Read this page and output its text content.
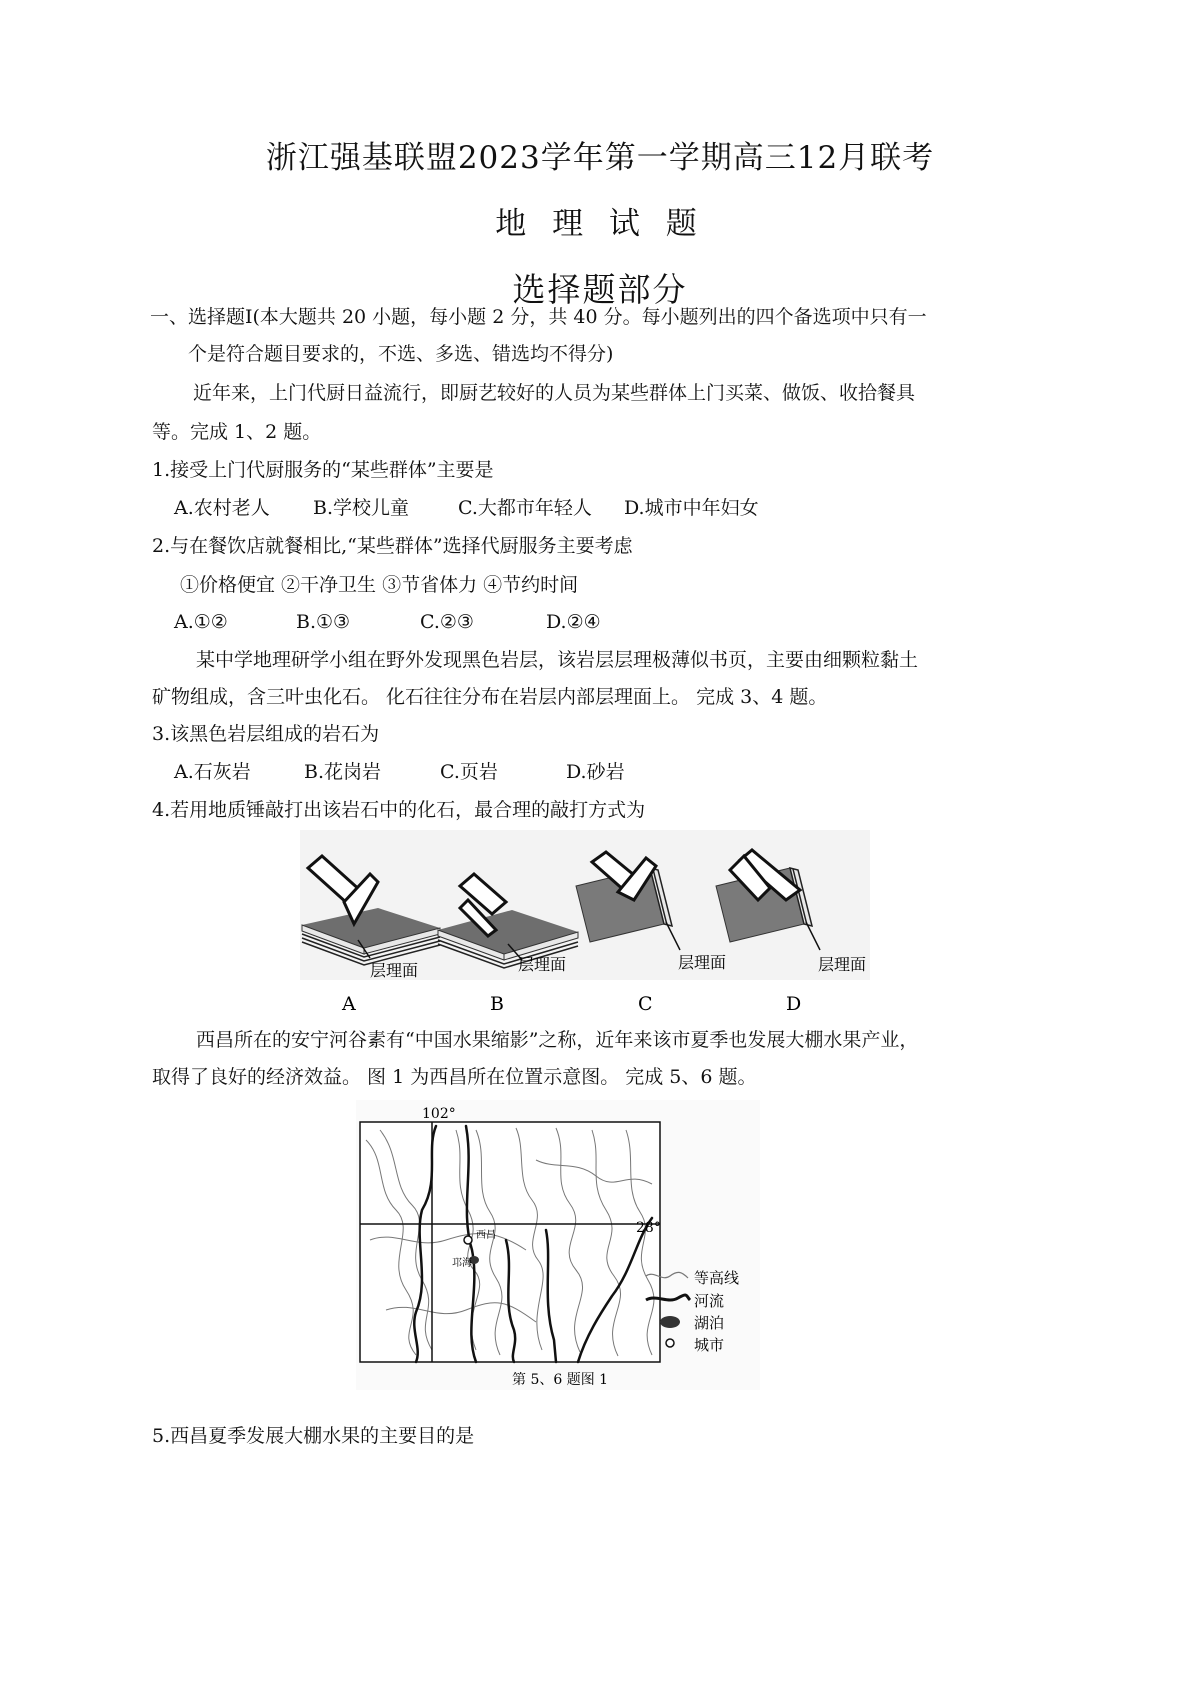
浙江强基联盟2023学年第一学期高三12月联考
地 理 试 题
选择题部分
一、选择题Ⅰ(本大题共 20 小题，每小题 2 分，共 40 分。每小题列出的四个备选项中只有一
个是符合题目要求的，不选、多选、错选均不得分)
近年来，上门代厨日益流行，即厨艺较好的人员为某些群体上门买菜、做饭、收拾餐具
等。完成 1、2 题。
1.接受上门代厨服务的“某些群体”主要是
A.农村老人 B.学校儿童	C.大都市年轻人 D.城市中年妇女
2.与在餐饮店就餐相比,“某些群体”选择代厨服务主要考虑
①价格便宜 ②干净卫生 ③节省体力 ④节约时间
A.①②	B.①③	C.②③	D.②④
某中学地理研学小组在野外发现黑色岩层，该岩层层理极薄似书页，主要由细颗粒黏土
矿物组成，含三叶虫化石。 化石往往分布在岩层内部层理面上。 完成 3、4 题。
3.该黑色岩层组成的岩石为
A.石灰岩	B.花岗岩	C.页岩	D.砂岩
4.若用地质锤敲打出该岩石中的化石，最合理的敲打方式为
层理面	层理面	层理面	层理面
A	B	C	D
西昌所在的安宁河谷素有“中国水果缩影”之称，近年来该市夏季也发展大棚水果产业，
取得了良好的经济效益。 图 1 为西昌所在位置示意图。 完成 5、6 题。
102°
28°
西昌
邛海
等高线
河流
湖泊
城市
第 5、6 题图 1
5.西昌夏季发展大棚水果的主要目的是
